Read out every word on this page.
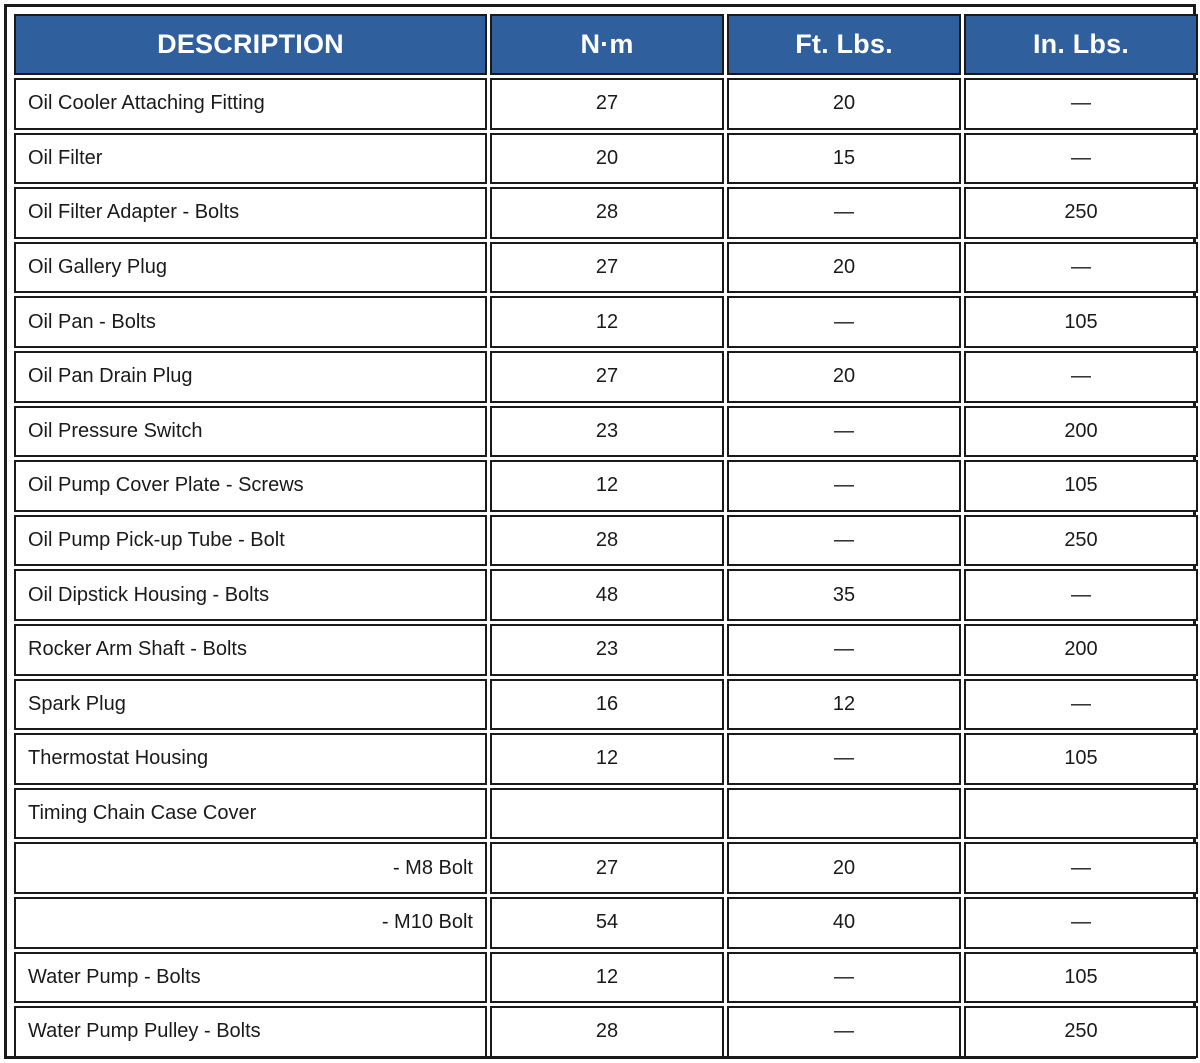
DESCRIPTION	N·m	Ft. Lbs.	In. Lbs.
Oil Cooler Attaching Fitting	27	20	—
Oil Filter	20	15	—
Oil Filter Adapter - Bolts	28	—	250
Oil Gallery Plug	27	20	—
Oil Pan - Bolts	12	—	105
Oil Pan Drain Plug	27	20	—
Oil Pressure Switch	23	—	200
Oil Pump Cover Plate - Screws	12	—	105
Oil Pump Pick-up Tube - Bolt	28	—	250
Oil Dipstick Housing - Bolts	48	35	—
Rocker Arm Shaft - Bolts	23	—	200
Spark Plug	16	12	—
Thermostat Housing	12	—	105
Timing Chain Case Cover			
- M8 Bolt	27	20	—
- M10 Bolt	54	40	—
Water Pump - Bolts	12	—	105
Water Pump Pulley - Bolts	28	—	250
